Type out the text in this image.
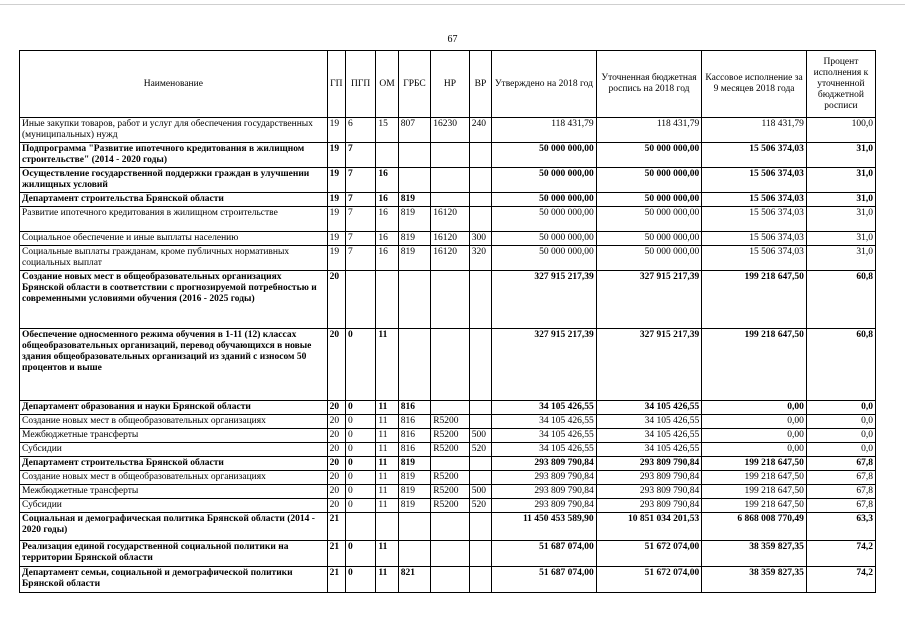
67
Наименование	ГП	ПГП	ОМ	ГРБС	НР	ВР	Утверждено на 2018 год	Уточненная бюджетная роспись на 2018 год	Кассовое исполнение за 9 месяцев 2018 года	Процент исполнения к уточненной бюджетной росписи
Иные закупки товаров, работ и услуг для обеспечения государственных (муниципальных) нужд	19	6	15	807	16230	240	118 431,79	118 431,79	118 431,79	100,0
Подпрограмма "Развитие ипотечного кредитования в жилищном строительстве" (2014 - 2020 годы)	19	7					50 000 000,00	50 000 000,00	15 506 374,03	31,0
Осуществление государственной поддержки граждан в улучшении жилищных условий	19	7	16				50 000 000,00	50 000 000,00	15 506 374,03	31,0
Департамент строительства Брянской области	19	7	16	819			50 000 000,00	50 000 000,00	15 506 374,03	31,0
Развитие ипотечного кредитования в жилищном строительстве	19	7	16	819	16120		50 000 000,00	50 000 000,00	15 506 374,03	31,0
Социальное обеспечение и иные выплаты населению	19	7	16	819	16120	300	50 000 000,00	50 000 000,00	15 506 374,03	31,0
Социальные выплаты гражданам, кроме публичных нормативных социальных выплат	19	7	16	819	16120	320	50 000 000,00	50 000 000,00	15 506 374,03	31,0
Создание новых мест в общеобразовательных организациях Брянской области в соответствии с прогнозируемой потребностью и современными условиями обучения (2016 - 2025 годы)	20						327 915 217,39	327 915 217,39	199 218 647,50	60,8
Обеспечение односменного режима обучения в 1-11 (12) классах общеобразовательных организаций, перевод обучающихся в новые здания общеобразовательных организаций из зданий с износом 50 процентов и выше	20	0	11				327 915 217,39	327 915 217,39	199 218 647,50	60,8
Департамент образования и науки Брянской области	20	0	11	816			34 105 426,55	34 105 426,55	0,00	0,0
Создание новых мест в общеобразовательных организациях	20	0	11	816	R5200		34 105 426,55	34 105 426,55	0,00	0,0
Межбюджетные трансферты	20	0	11	816	R5200	500	34 105 426,55	34 105 426,55	0,00	0,0
Субсидии	20	0	11	816	R5200	520	34 105 426,55	34 105 426,55	0,00	0,0
Департамент строительства Брянской области	20	0	11	819			293 809 790,84	293 809 790,84	199 218 647,50	67,8
Создание новых мест в общеобразовательных организациях	20	0	11	819	R5200		293 809 790,84	293 809 790,84	199 218 647,50	67,8
Межбюджетные трансферты	20	0	11	819	R5200	500	293 809 790,84	293 809 790,84	199 218 647,50	67,8
Субсидии	20	0	11	819	R5200	520	293 809 790,84	293 809 790,84	199 218 647,50	67,8
Социальная и демографическая политика Брянской области (2014 - 2020 годы)	21						11 450 453 589,90	10 851 034 201,53	6 868 008 770,49	63,3
Реализация единой государственной социальной политики на территории Брянской области	21	0	11				51 687 074,00	51 672 074,00	38 359 827,35	74,2
Департамент семьи, социальной и демографической политики Брянской области	21	0	11	821			51 687 074,00	51 672 074,00	38 359 827,35	74,2
